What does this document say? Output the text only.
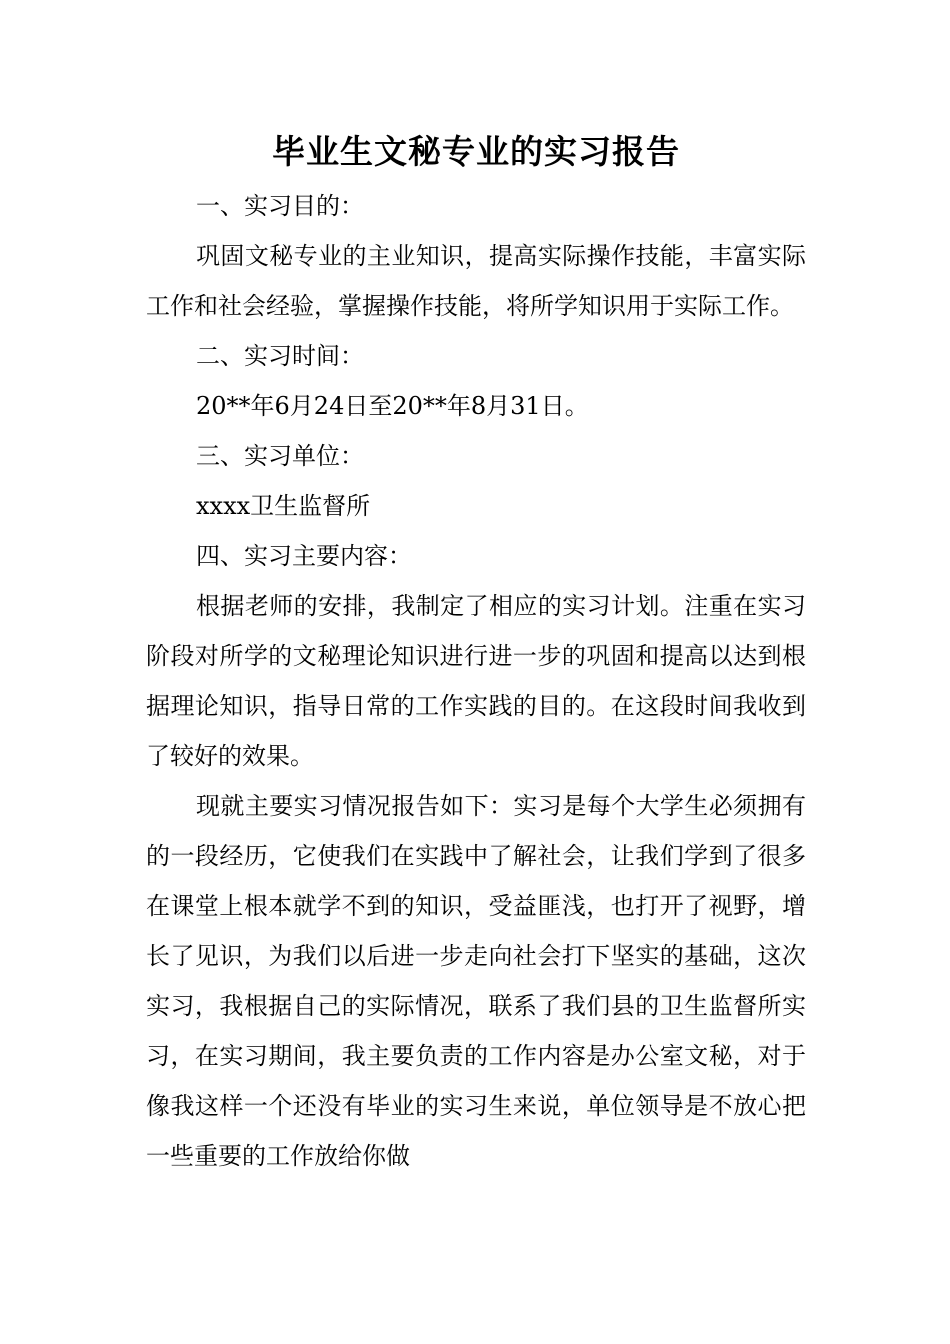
毕业生文秘专业的实习报告

一、实习目的：

巩固文秘专业的主业知识，提高实际操作技能，丰富实际工作和社会经验，掌握操作技能，将所学知识用于实际工作。

二、实习时间：

20**年6月24日至20**年8月31日。

三、实习单位：

xxxx卫生监督所

四、实习主要内容：

根据老师的安排，我制定了相应的实习计划。注重在实习阶段对所学的文秘理论知识进行进一步的巩固和提高以达到根据理论知识，指导日常的工作实践的目的。在这段时间我收到了较好的效果。

现就主要实习情况报告如下：实习是每个大学生必须拥有的一段经历，它使我们在实践中了解社会，让我们学到了很多在课堂上根本就学不到的知识，受益匪浅，也打开了视野，增长了见识，为我们以后进一步走向社会打下坚实的基础，这次实习，我根据自己的实际情况，联系了我们县的卫生监督所实习，在实习期间，我主要负责的工作内容是办公室文秘，对于像我这样一个还没有毕业的实习生来说，单位领导是不放心把一些重要的工作放给你做
